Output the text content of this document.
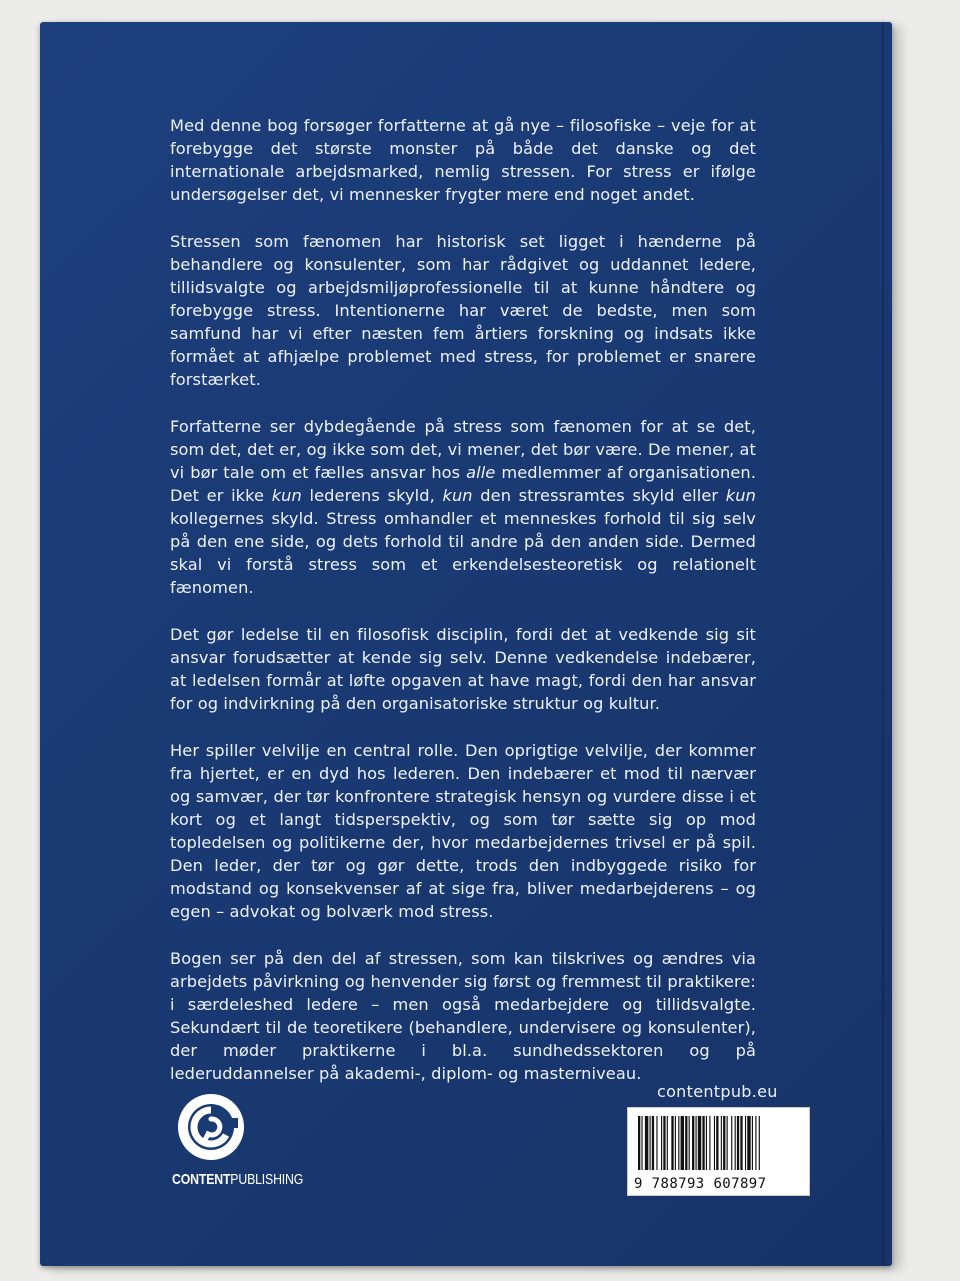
Med denne bog forsøger forfatterne at gå nye – filosofiske – veje for at forebygge det største monster på både det danske og det internationale arbejdsmarked, nemlig stressen. For stress er ifølge undersøgelser det, vi mennesker frygter mere end noget andet.

Stressen som fænomen har historisk set ligget i hænderne på behandlere og konsulenter, som har rådgivet og uddannet ledere, tillidsvalgte og arbejdsmiljøprofessionelle til at kunne håndtere og forebygge stress. Intentionerne har været de bedste, men som samfund har vi efter næsten fem årtiers forskning og indsats ikke formået at afhjælpe problemet med stress, for problemet er snarere forstærket.

Forfatterne ser dybdegående på stress som fænomen for at se det, som det, det er, og ikke som det, vi mener, det bør være. De mener, at vi bør tale om et fælles ansvar hos alle medlemmer af organisationen. Det er ikke kun lederens skyld, kun den stressramtes skyld eller kun kollegernes skyld. Stress omhandler et menneskes forhold til sig selv på den ene side, og dets forhold til andre på den anden side. Dermed skal vi forstå stress som et erkendelsesteoretisk og relationelt fænomen.

Det gør ledelse til en filosofisk disciplin, fordi det at vedkende sig sit ansvar forudsætter at kende sig selv. Denne vedkendelse indebærer, at ledelsen formår at løfte opgaven at have magt, fordi den har ansvar for og indvirkning på den organisatoriske struktur og kultur.

Her spiller velvilje en central rolle. Den oprigtige velvilje, der kommer fra hjertet, er en dyd hos lederen. Den indebærer et mod til nærvær og samvær, der tør konfrontere strategisk hensyn og vurdere disse i et kort og et langt tidsperspektiv, og som tør sætte sig op mod topledelsen og politikerne der, hvor medarbejdernes trivsel er på spil. Den leder, der tør og gør dette, trods den indbyggede risiko for modstand og konsekvenser af at sige fra, bliver medarbejderens – og egen – advokat og bolværk mod stress.

Bogen ser på den del af stressen, som kan tilskrives og ændres via arbejdets påvirkning og henvender sig først og fremmest til praktikere: i særdeleshed ledere – men også medarbejdere og tillidsvalgte. Sekundært til de teoretikere (behandlere, undervisere og konsulenter), der møder praktikerne i bl.a. sundhedssektoren og på lederuddannelser på akademi-, diplom- og masterniveau.

CONTENTPUBLISHING
contentpub.eu
9 788793 607897
